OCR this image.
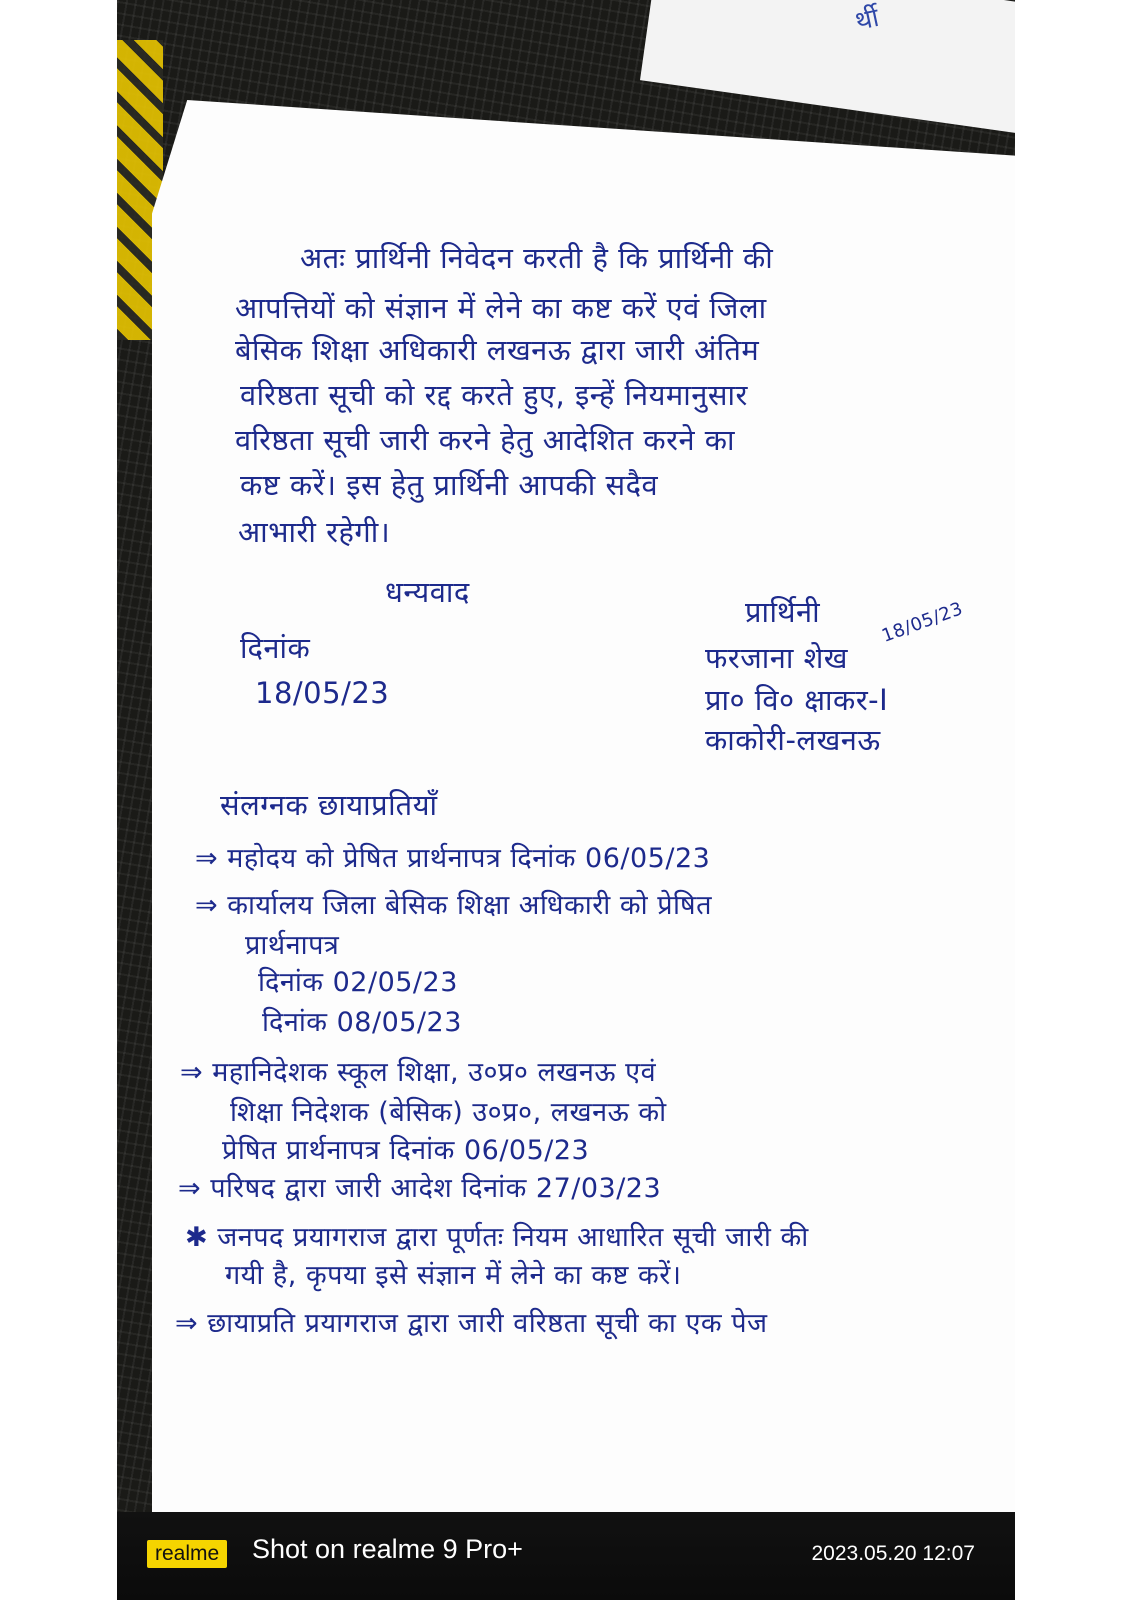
र्थी
अतः प्रार्थिनी निवेदन करती है कि प्रार्थिनी की
आपत्तियों को संज्ञान में लेने का कष्ट करें एवं जिला
बेसिक शिक्षा अधिकारी लखनऊ द्वारा जारी अंतिम
वरिष्ठता सूची को रद्द करते हुए, इन्हें नियमानुसार
वरिष्ठता सूची जारी करने हेतु आदेशित करने का
कष्ट करें। इस हेतु प्रार्थिनी आपकी सदैव
आभारी रहेगी।
धन्यवाद
दिनांक
18/05/23
प्रार्थिनी	18/05/23
फरजाना शेख
प्रा० वि० क्षाकर-I
काकोरी-लखनऊ
संलग्नक छायाप्रतियाँ
⇒ महोदय को प्रेषित प्रार्थनापत्र दिनांक 06/05/23
⇒ कार्यालय जिला बेसिक शिक्षा अधिकारी को प्रेषित
प्रार्थनापत्र
दिनांक 02/05/23
दिनांक 08/05/23
⇒ महानिदेशक स्कूल शिक्षा, उ०प्र० लखनऊ एवं
शिक्षा निदेशक (बेसिक) उ०प्र०, लखनऊ को
प्रेषित प्रार्थनापत्र दिनांक 06/05/23
⇒ परिषद द्वारा जारी आदेश दिनांक 27/03/23
✱ जनपद प्रयागराज द्वारा पूर्णतः नियम आधारित सूची जारी की
गयी है, कृपया इसे संज्ञान में लेने का कष्ट करें।
⇒ छायाप्रति प्रयागराज द्वारा जारी वरिष्ठता सूची का एक पेज
realme Shot on realme 9 Pro+	2023.05.20 12:07
